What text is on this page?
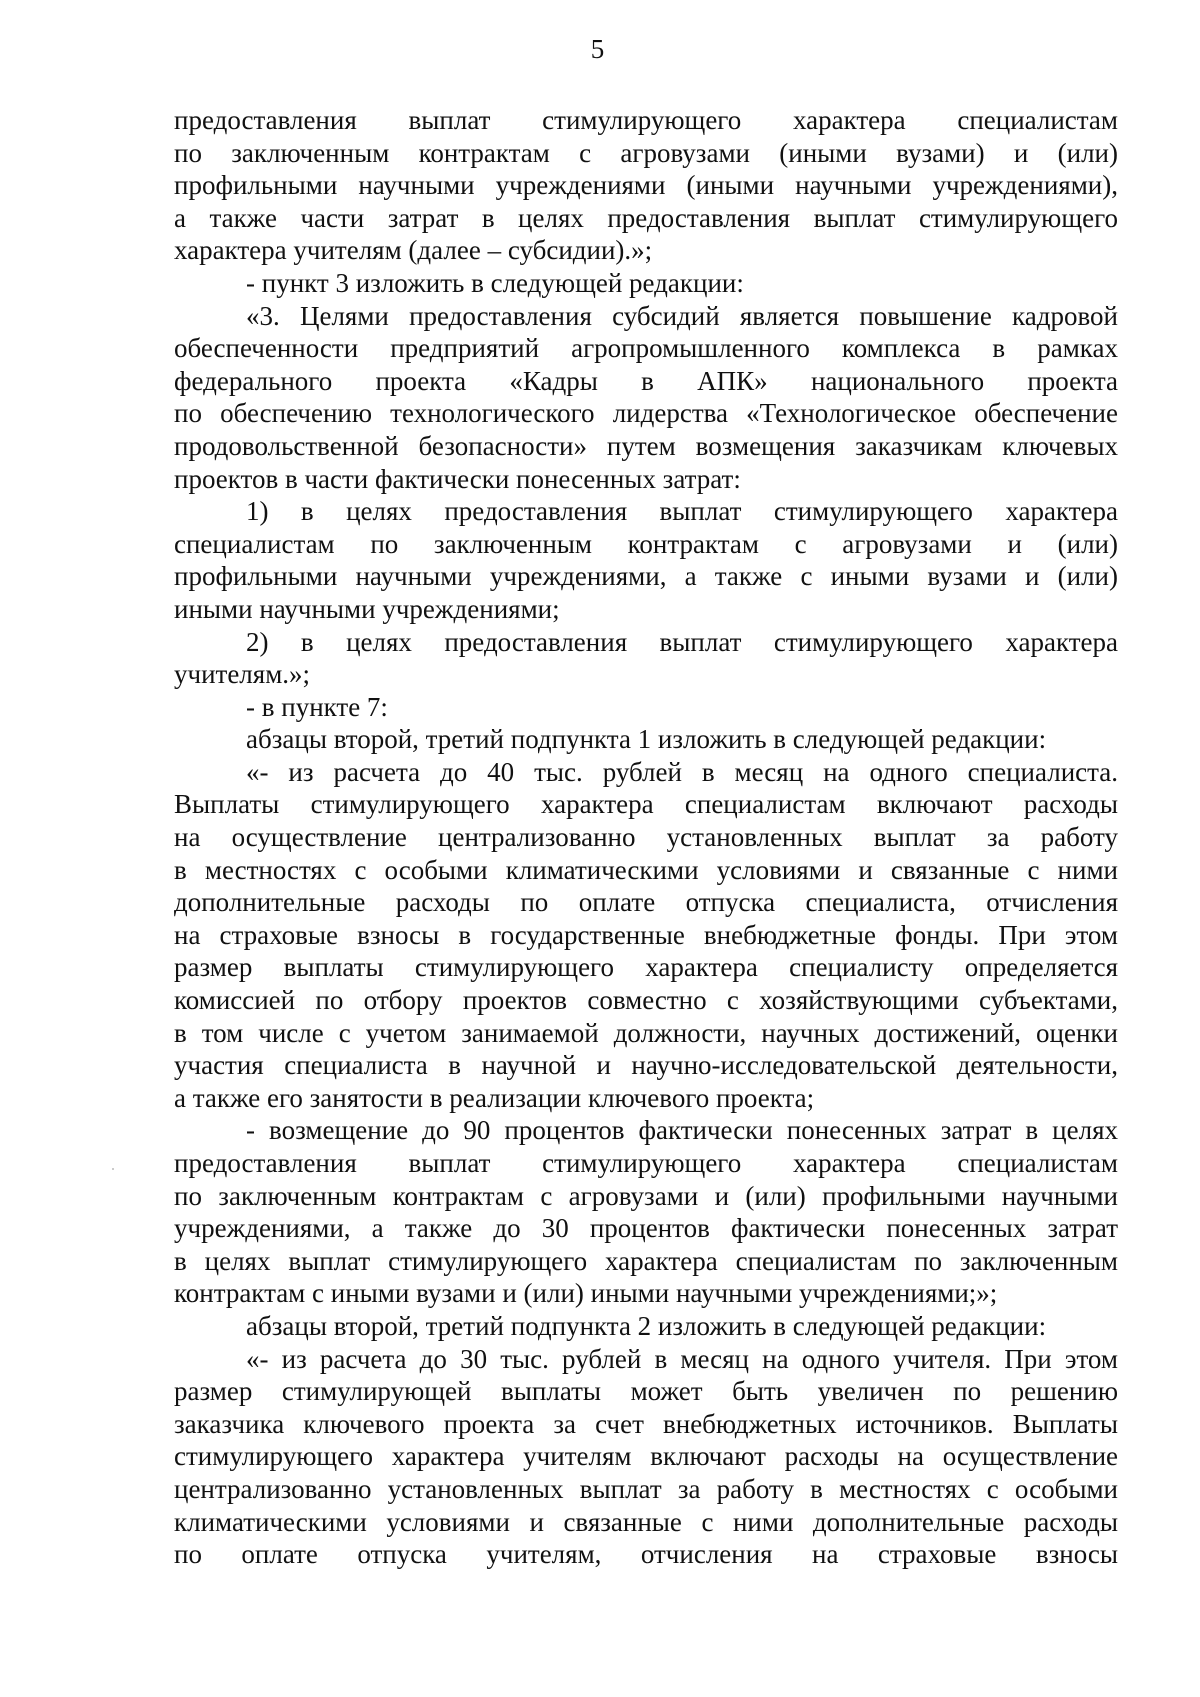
5

предоставления выплат стимулирующего характера специалистам

по заключенным контрактам с агровузами (иными вузами) и (или)

профильными научными учреждениями (иными научными учреждениями),

а также части затрат в целях предоставления выплат стимулирующего

характера учителям (далее – субсидии).»;

- пункт 3 изложить в следующей редакции:

«3. Целями предоставления субсидий является повышение кадровой

обеспеченности предприятий агропромышленного комплекса в рамках

федерального проекта «Кадры в АПК» национального проекта

по обеспечению технологического лидерства «Технологическое обеспечение

продовольственной безопасности» путем возмещения заказчикам ключевых

проектов в части фактически понесенных затрат:

1) в целях предоставления выплат стимулирующего характера

специалистам по заключенным контрактам с агровузами и (или)

профильными научными учреждениями, а также с иными вузами и (или)

иными научными учреждениями;

2) в целях предоставления выплат стимулирующего характера

учителям.»;

- в пункте 7:

абзацы второй, третий подпункта 1 изложить в следующей редакции:

«- из расчета до 40 тыс. рублей в месяц на одного специалиста.

Выплаты стимулирующего характера специалистам включают расходы

на осуществление централизованно установленных выплат за работу

в местностях с особыми климатическими условиями и связанные с ними

дополнительные расходы по оплате отпуска специалиста, отчисления

на страховые взносы в государственные внебюджетные фонды. При этом

размер выплаты стимулирующего характера специалисту определяется

комиссией по отбору проектов совместно с хозяйствующими субъектами,

в том числе с учетом занимаемой должности, научных достижений, оценки

участия специалиста в научной и научно-исследовательской деятельности,

а также его занятости в реализации ключевого проекта;

- возмещение до 90 процентов фактически понесенных затрат в целях

предоставления выплат стимулирующего характера специалистам

по заключенным контрактам с агровузами и (или) профильными научными

учреждениями, а также до 30 процентов фактически понесенных затрат

в целях выплат стимулирующего характера специалистам по заключенным

контрактам с иными вузами и (или) иными научными учреждениями;»;

абзацы второй, третий подпункта 2 изложить в следующей редакции:

«- из расчета до 30 тыс. рублей в месяц на одного учителя. При этом

размер стимулирующей выплаты может быть увеличен по решению

заказчика ключевого проекта за счет внебюджетных источников. Выплаты

стимулирующего характера учителям включают расходы на осуществление

централизованно установленных выплат за работу в местностях с особыми

климатическими условиями и связанные с ними дополнительные расходы

по оплате отпуска учителям, отчисления на страховые взносы
